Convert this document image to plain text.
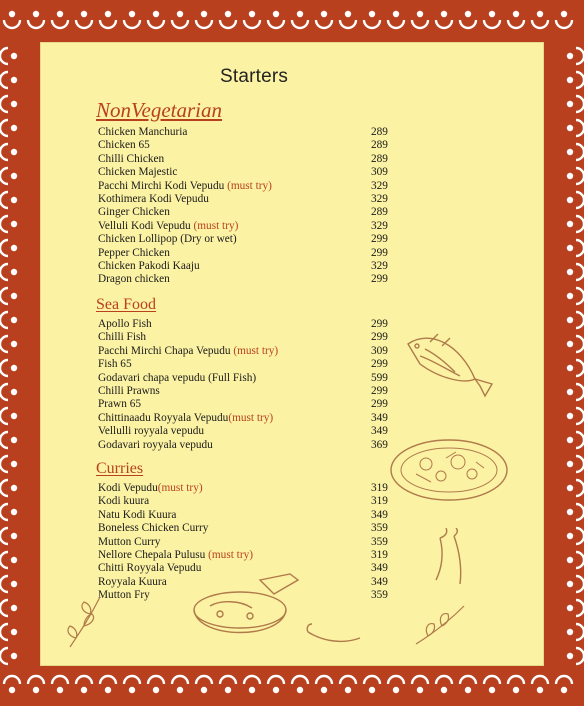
Starters
NonVegetarian
Chicken Manchuria	289
Chicken 65	289
Chilli Chicken	289
Chicken Majestic	309
Pacchi Mirchi Kodi Vepudu (must try)	329
Kothimera Kodi Vepudu	329
Ginger Chicken	289
Velluli Kodi Vepudu (must try)	329
Chicken Lollipop (Dry or wet)	299
Pepper Chicken	299
Chicken Pakodi Kaaju	329
Dragon chicken	299
Sea Food
Apollo Fish	299
Chilli Fish	299
Pacchi Mirchi Chapa Vepudu (must try)	309
Fish 65	299
Godavari chapa vepudu (Full Fish)	599
Chilli Prawns	299
Prawn 65	299
Chittinaadu Royyala Vepudu(must try)	349
Vellulli royyala vepudu	349
Godavari royyala vepudu	369
Curries
Kodi Vepudu(must try)	319
Kodi kuura	319
Natu Kodi Kuura	349
Boneless Chicken Curry	359
Mutton Curry	359
Nellore Chepala Pulusu (must try)	319
Chitti Royyala Vepudu	349
Royyala Kuura	349
Mutton Fry	359
